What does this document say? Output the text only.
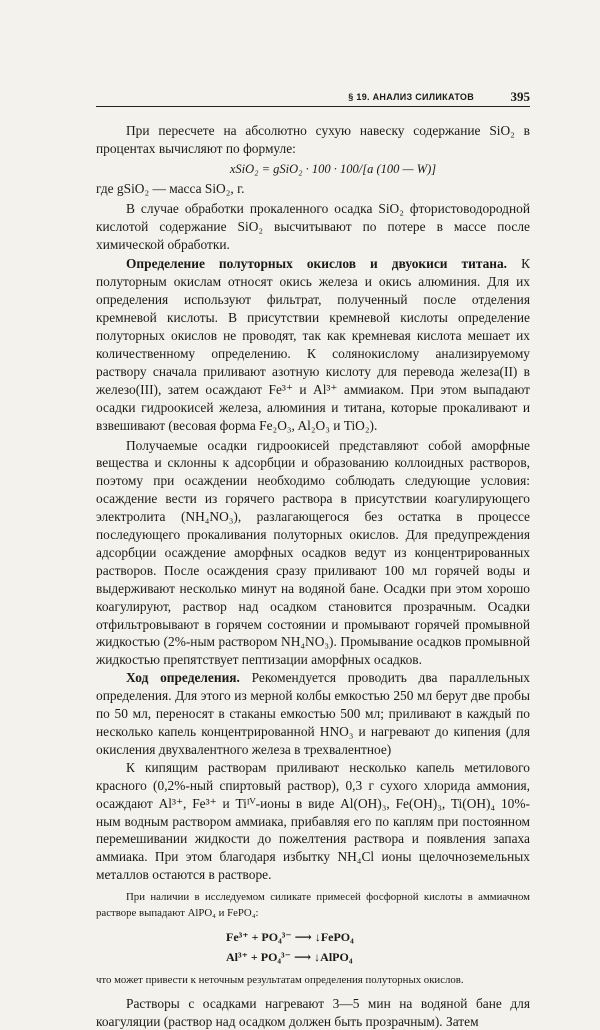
§ 19. АНАЛИЗ СИЛИКАТОВ	395

При пересчете на абсолютно сухую навеску содержание SiO₂ в процентах вычисляют по формуле:

xSiO₂ = gSiO₂ · 100 · 100/[a (100 — W)]

где gSiO₂ — масса SiO₂, г.

В случае обработки прокаленного осадка SiO₂ фтористоводородной кислотой содержание SiO₂ высчитывают по потере в массе после химической обработки.

Определение полуторных окислов и двуокиси титана. К полуторным окислам относят окись железа и окись алюминия. Для их определения используют фильтрат, полученный после отделения кремневой кислоты. В присутствии кремневой кислоты определение полуторных окислов не проводят, так как кремневая кислота мешает их количественному определению. К солянокислому анализируемому раствору сначала приливают азотную кислоту для перевода железа(II) в железо(III), затем осаждают Fe³⁺ и Al³⁺ аммиаком. При этом выпадают осадки гидроокисей железа, алюминия и титана, которые прокаливают и взвешивают (весовая форма Fe₂O₃, Al₂O₃ и TiO₂).

Получаемые осадки гидроокисей представляют собой аморфные вещества и склонны к адсорбции и образованию коллоидных растворов, поэтому при осаждении необходимо соблюдать следующие условия: осаждение вести из горячего раствора в присутствии коагулирующего электролита (NH₄NO₃), разлагающегося без остатка в процессе последующего прокаливания полуторных окислов. Для предупреждения адсорбции осаждение аморфных осадков ведут из концентрированных растворов. После осаждения сразу приливают 100 мл горячей воды и выдерживают несколько минут на водяной бане. Осадки при этом хорошо коагулируют, раствор над осадком становится прозрачным. Осадки отфильтровывают в горячем состоянии и промывают горячей промывной жидкостью (2%-ным раствором NH₄NO₃). Промывание осадков промывной жидкостью препятствует пептизации аморфных осадков.

Ход определения. Рекомендуется проводить два параллельных определения. Для этого из мерной колбы емкостью 250 мл берут две пробы по 50 мл, переносят в стаканы емкостью 500 мл; приливают в каждый по несколько капель концентрированной HNO₃ и нагревают до кипения (для окисления двухвалентного железа в трехвалентное)

К кипящим растворам приливают несколько капель метилового красного (0,2%-ный спиртовый раствор), 0,3 г сухого хлорида аммония, осаждают Al³⁺, Fe³⁺ и Tiᴵⱽ-ионы в виде Al(OH)₃, Fe(OH)₃, Ti(OH)₄ 10%-ным водным раствором аммиака, прибавляя его по каплям при постоянном перемешивании жидкости до пожелтения раствора и появления запаха аммиака. При этом благодаря избытку NH₄Cl ионы щелочноземельных металлов остаются в растворе.

При наличии в исследуемом силикате примесей фосфорной кислоты в аммиачном растворе выпадают AlPO₄ и FePO₄:

Fe³⁺ + PO₄³⁻ ⟶ ↓FePO₄
Al³⁺ + PO₄³⁻ ⟶ ↓AlPO₄

что может привести к неточным результатам определения полуторных окислов.

Растворы с осадками нагревают 3—5 мин на водяной бане для коагуляции (раствор над осадком должен быть прозрачным). Затем
